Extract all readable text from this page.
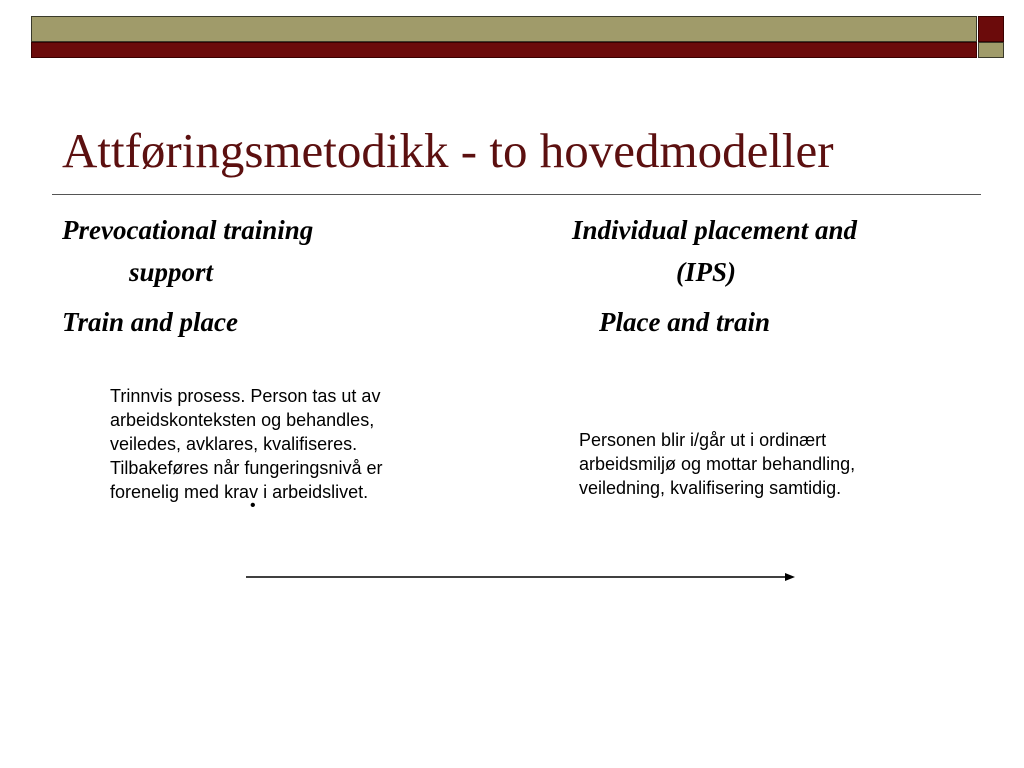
Attføringsmetodikk - to hovedmodeller
Prevocational training
support
Train and place
Individual placement and
(IPS)
Place and train
Trinnvis prosess. Person tas ut av
arbeidskonteksten og behandles,
veiledes, avklares, kvalifiseres.
Tilbakeføres når fungeringsnivå er
forenelig med krav i arbeidslivet.
Personen blir i/går ut i ordinært
arbeidsmiljø og mottar behandling,
veiledning, kvalifisering samtidig.
•
